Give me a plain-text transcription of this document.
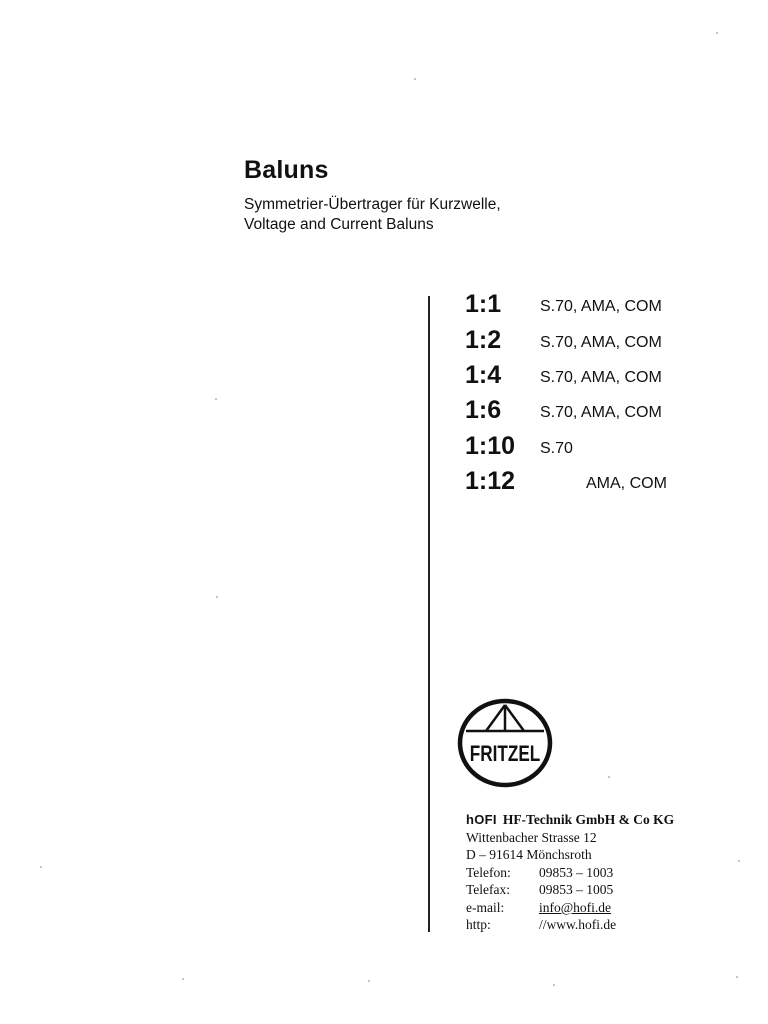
Baluns
Symmetrier-Übertrager für Kurzwelle,
Voltage and Current Baluns
1:1 S.70, AMA, COM
1:2 S.70, AMA, COM
1:4 S.70, AMA, COM
1:6 S.70, AMA, COM
1:10 S.70
1:12	AMA, COM
FRITZEL
hOFI HF-Technik GmbH & Co KG
Wittenbacher Strasse 12
D – 91614 Mönchsroth
Telefon: 09853 – 1003
Telefax: 09853 – 1005
e-mail:	info@hofi.de
http:	//www.hofi.de
